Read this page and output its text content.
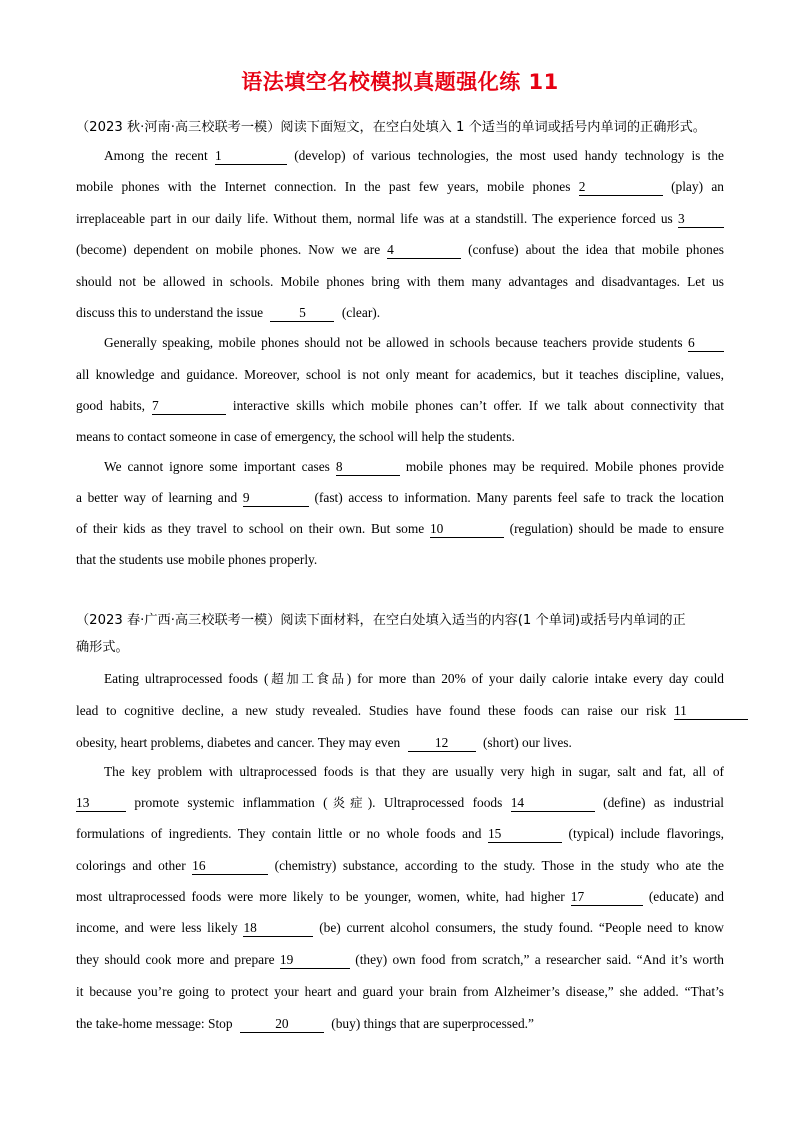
语法填空名校模拟真题强化练 11
（2023 秋·河南·高三校联考一模）阅读下面短文，在空白处填入 1 个适当的单词或括号内单词的正确形式。
Among the recent 1	(develop) of various technologies, the most used handy technology is the
mobile phones with the Internet connection. In the past few years, mobile phones 2	(play) an
irreplaceable part in our daily life. Without them, normal life was at a standstill. The experience forced us 3
(become) dependent on mobile phones. Now we are 4	(confuse) about the idea that mobile phones
should not be allowed in schools. Mobile phones bring with them many advantages and disadvantages. Let us
discuss this to understand the issue	5	(clear).
Generally speaking, mobile phones should not be allowed in schools because teachers provide students 6
all knowledge and guidance. Moreover, school is not only meant for academics, but it teaches discipline, values,
good habits, 7	interactive skills which mobile phones can’t offer. If we talk about connectivity that
means to contact someone in case of emergency, the school will help the students.
We cannot ignore some important cases 8	mobile phones may be required. Mobile phones provide
a better way of learning and 9	(fast) access to information. Many parents feel safe to track the location
of their kids as they travel to school on their own. But some 10	(regulation) should be made to ensure
that the students use mobile phones properly.
（2023 春·广西·高三校联考一模）阅读下面材料，在空白处填入适当的内容(1 个单词)或括号内单词的正
确形式。
Eating ultraprocessed foods (超加工食品) for more than 20% of your daily calorie intake every day could
lead to cognitive decline, a new study revealed. Studies have found these foods can raise our risk 11
obesity, heart problems, diabetes and cancer. They may even	12	(short) our lives.
The key problem with ultraprocessed foods is that they are usually very high in sugar, salt and fat, all of
13	promote systemic inflammation (炎症). Ultraprocessed foods 14	(define) as industrial
formulations of ingredients. They contain little or no whole foods and 15	(typical) include flavorings,
colorings and other 16	(chemistry) substance, according to the study. Those in the study who ate the
most ultraprocessed foods were more likely to be younger, women, white, had higher 17	(educate) and
income, and were less likely 18	(be) current alcohol consumers, the study found. “People need to know
they should cook more and prepare 19	(they) own food from scratch,” a researcher said. “And it’s worth
it because you’re going to protect your heart and guard your brain from Alzheimer’s disease,” she added. “That’s
the take-home message: Stop	20	(buy) things that are superprocessed.”
